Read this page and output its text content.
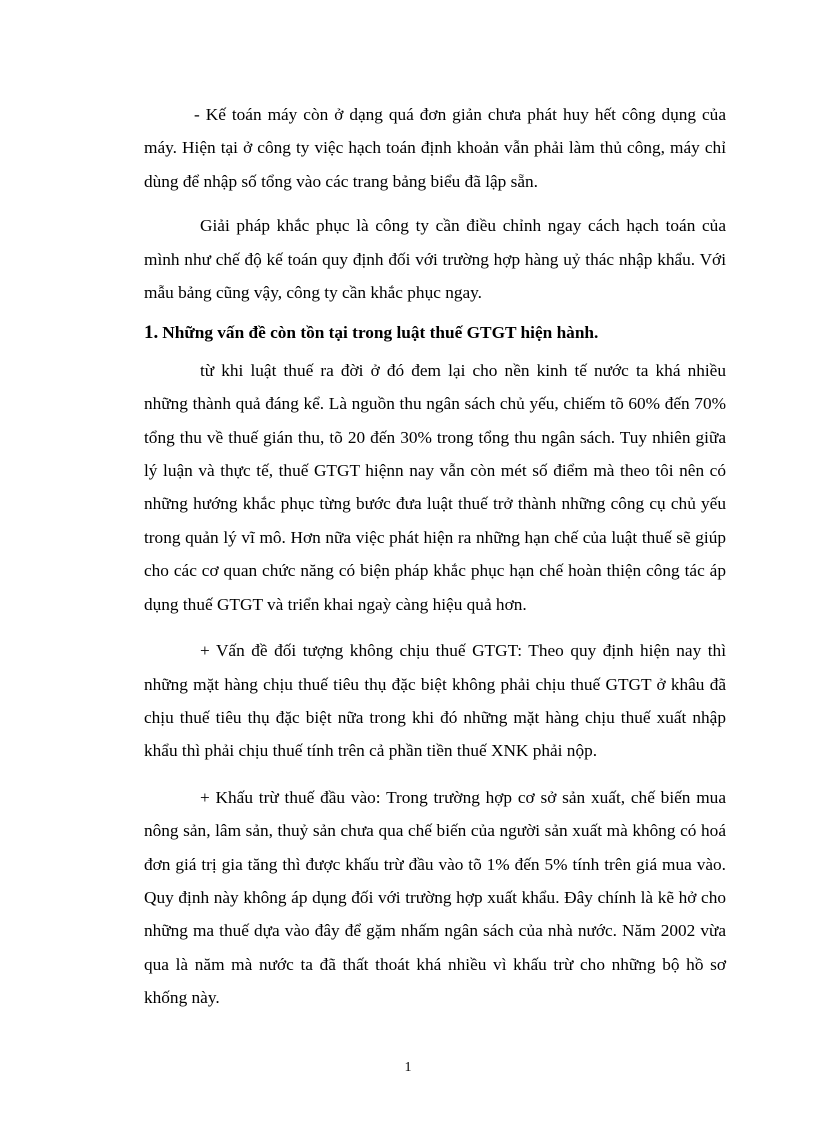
- Kế toán máy còn ở dạng quá đơn giản chưa phát huy hết công dụng của máy. Hiện tại ở công ty việc hạch toán định khoản vẫn phải làm thủ công, máy chỉ dùng để nhập số tổng vào các trang bảng biểu đã lập sẵn.

Giải pháp khắc phục là công ty cần điều chỉnh ngay cách hạch toán của mình như chế độ kế toán quy định đối với trường hợp hàng uỷ thác nhập khẩu. Với mẫu bảng cũng vậy, công ty cần khắc phục ngay.

1. Những vấn đề còn tồn tại trong luật thuế GTGT hiện hành.

từ khi luật thuế ra đời ở đó đem lại cho nền kinh tế nước ta khá nhiều những thành quả đáng kể. Là nguồn thu ngân sách chủ yếu, chiếm tõ 60% đến 70% tổng thu về thuế gián thu, tõ 20 đến 30% trong tổng thu ngân sách. Tuy nhiên giữa lý luận và thực tế, thuế GTGT hiệnn nay vẫn còn mét số điểm mà theo tôi nên có những hướng khắc phục từng bước đưa luật thuế trở thành những công cụ chủ yếu trong quản lý vĩ mô. Hơn nữa việc phát hiện ra những hạn chế của luật thuế sẽ giúp cho các cơ quan chức năng có biện pháp khắc phục hạn chế hoàn thiện công tác áp dụng thuế GTGT và triển khai ngaỳ càng hiệu quả hơn.

+ Vấn đề đối tượng không chịu thuế GTGT: Theo quy định hiện nay thì những mặt hàng chịu thuế tiêu thụ đặc biệt không phải chịu thuế GTGT ở khâu đã chịu thuế tiêu thụ đặc biệt nữa trong khi đó những mặt hàng chịu thuế xuất nhập khẩu thì phải chịu thuế tính trên cả phần tiền thuế XNK phải nộp.

+ Khấu trừ thuế đầu vào: Trong trường hợp cơ sở sản xuất, chế biến mua nông sản, lâm sản, thuỷ sản chưa qua chế biến của người sản xuất mà không có hoá đơn giá trị gia tăng thì được khấu trừ đầu vào tõ 1% đến 5% tính trên giá mua vào. Quy định này không áp dụng đối với trường hợp xuất khẩu. Đây chính là kẽ hở cho những ma thuế dựa vào đây để gặm nhấm ngân sách của nhà nước. Năm 2002 vừa qua là năm mà nước ta đã thất thoát khá nhiều vì khấu trừ cho những bộ hồ sơ khống này.

1
